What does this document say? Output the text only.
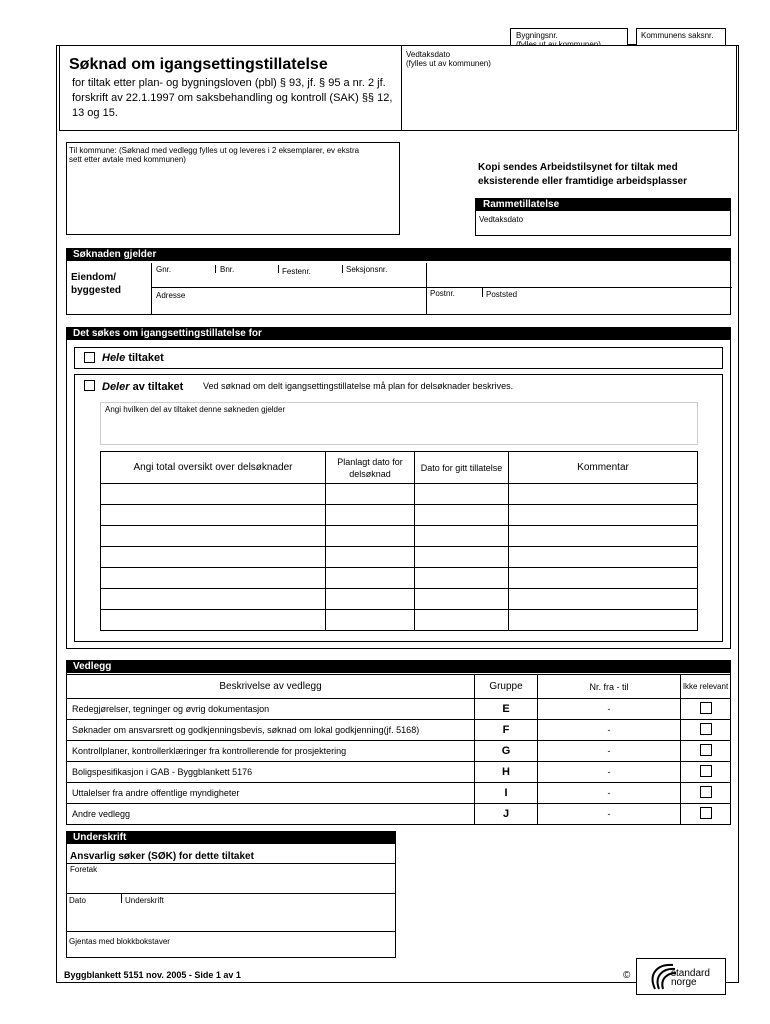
Bygningsnr.	Kommunens saksnr.
Søknad om igangsettingstillatelse
for tiltak etter plan- og bygningsloven (pbl) § 93, jf. § 95 a nr. 2 jf. forskrift av 22.1.1997 om saksbehandling og kontroll (SAK) §§ 12, 13 og 15.
Vedtaksdato
(fylles ut av kommunen)
Til kommune: (Søknad med vedlegg fylles ut og leveres i 2 eksemplarer, ev ekstra sett etter avtale med kommunen)
Kopi sendes Arbeidstilsynet for tiltak med eksisterende eller framtidige arbeidsplasser
Rammetillatelse
Vedtaksdato
Søknaden gjelder
Eiendom/ byggested
Gnr.	Bnr.	Festenr.	Seksjonsnr.
Adresse	Postnr.	Poststed
Det søkes om igangsettingstillatelse for
Hele tiltaket
Deler av tiltaket Ved søknad om delt igangsettingstillatelse må plan for delsøknader beskrives.
Angi hvilken del av tiltaket denne søkneden gjelder
Angi total oversikt over delsøknader	Planlagt dato for delsøknad	Dato for gitt tillatelse	Kommentar

Vedlegg
Beskrivelse av vedlegg	Gruppe	Nr. fra - til	Ikke relevant
Redegjørelser, tegninger og øvrig dokumentasjon	E	-	
Søknader om ansvarsrett og godkjenningsbevis, søknad om lokal godkjenning(jf. 5168)	F	-	
Kontrollplaner, kontrollerklæringer fra kontrollerende for prosjektering	G	-	
Boligspesifikasjon i GAB - Byggblankett 5176	H	-	
Uttalelser fra andre offentlige myndigheter	I	-	
Andre vedlegg	J	-	
Underskrift
Ansvarlig søker (SØK) for dette tiltaket
Foretak
Dato	Underskrift
Gjentas med blokkbokstaver
Byggblankett 5151 nov. 2005 - Side 1 av 1	©	standard norge
